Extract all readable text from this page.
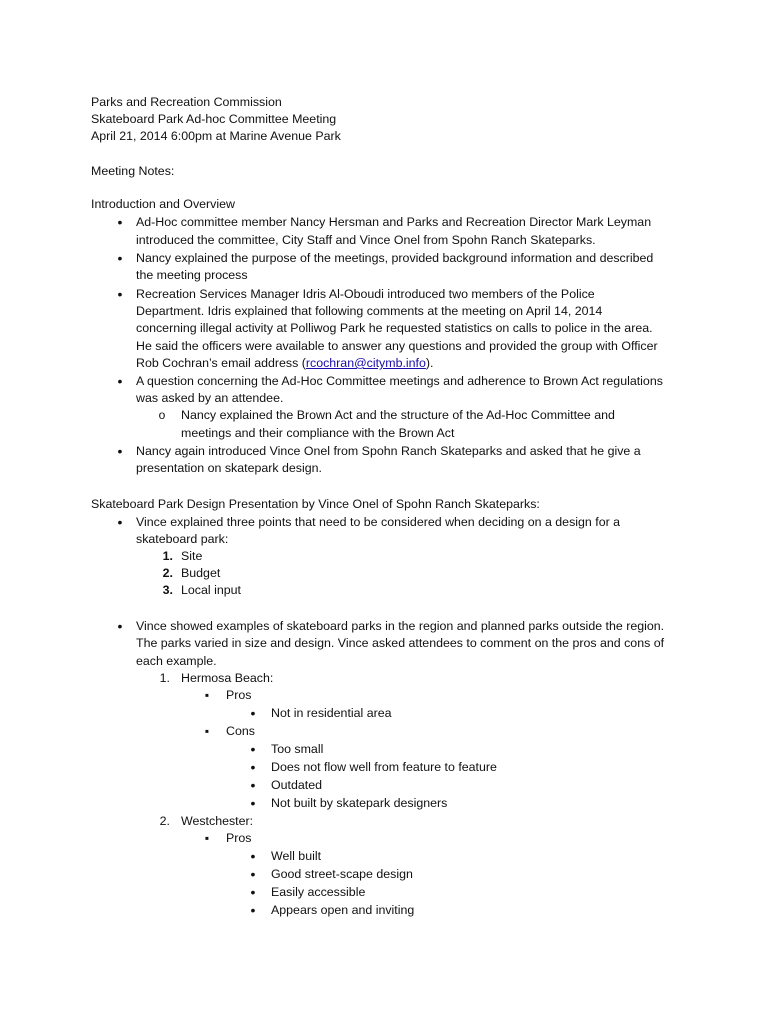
Parks and Recreation Commission
Skateboard Park Ad-hoc Committee Meeting
April 21, 2014 6:00pm at Marine Avenue Park
Meeting Notes:
Introduction and Overview
•
Ad-Hoc committee member Nancy Hersman and Parks and Recreation Director Mark Leyman
introduced the committee, City Staff and Vince Onel from Spohn Ranch Skateparks.
•
Nancy explained the purpose of the meetings, provided background information and described
the meeting process
•
Recreation Services Manager Idris Al-Oboudi introduced two members of the Police
Department. Idris explained that following comments at the meeting on April 14, 2014
concerning illegal activity at Polliwog Park he requested statistics on calls to police in the area.
He said the officers were available to answer any questions and provided the group with Officer
Rob Cochran’s email address (rcochran@citymb.info).
•
A question concerning the Ad-Hoc Committee meetings and adherence to Brown Act regulations
was asked by an attendee.
o
Nancy explained the Brown Act and the structure of the Ad-Hoc Committee and
meetings and their compliance with the Brown Act
•
Nancy again introduced Vince Onel from Spohn Ranch Skateparks and asked that he give a
presentation on skatepark design.
Skateboard Park Design Presentation by Vince Onel of Spohn Ranch Skateparks:
•
Vince explained three points that need to be considered when deciding on a design for a
skateboard park:
1. Site
2. Budget
3. Local input
•
Vince showed examples of skateboard parks in the region and planned parks outside the region.
The parks varied in size and design. Vince asked attendees to comment on the pros and cons of
each example.
1. Hermosa Beach:
▪
Pros
•
Not in residential area
▪
Cons
•
Too small
•
Does not flow well from feature to feature
•
Outdated
•
Not built by skatepark designers
2. Westchester:
▪
Pros
•
Well built
•
Good street-scape design
•
Easily accessible
•
Appears open and inviting
